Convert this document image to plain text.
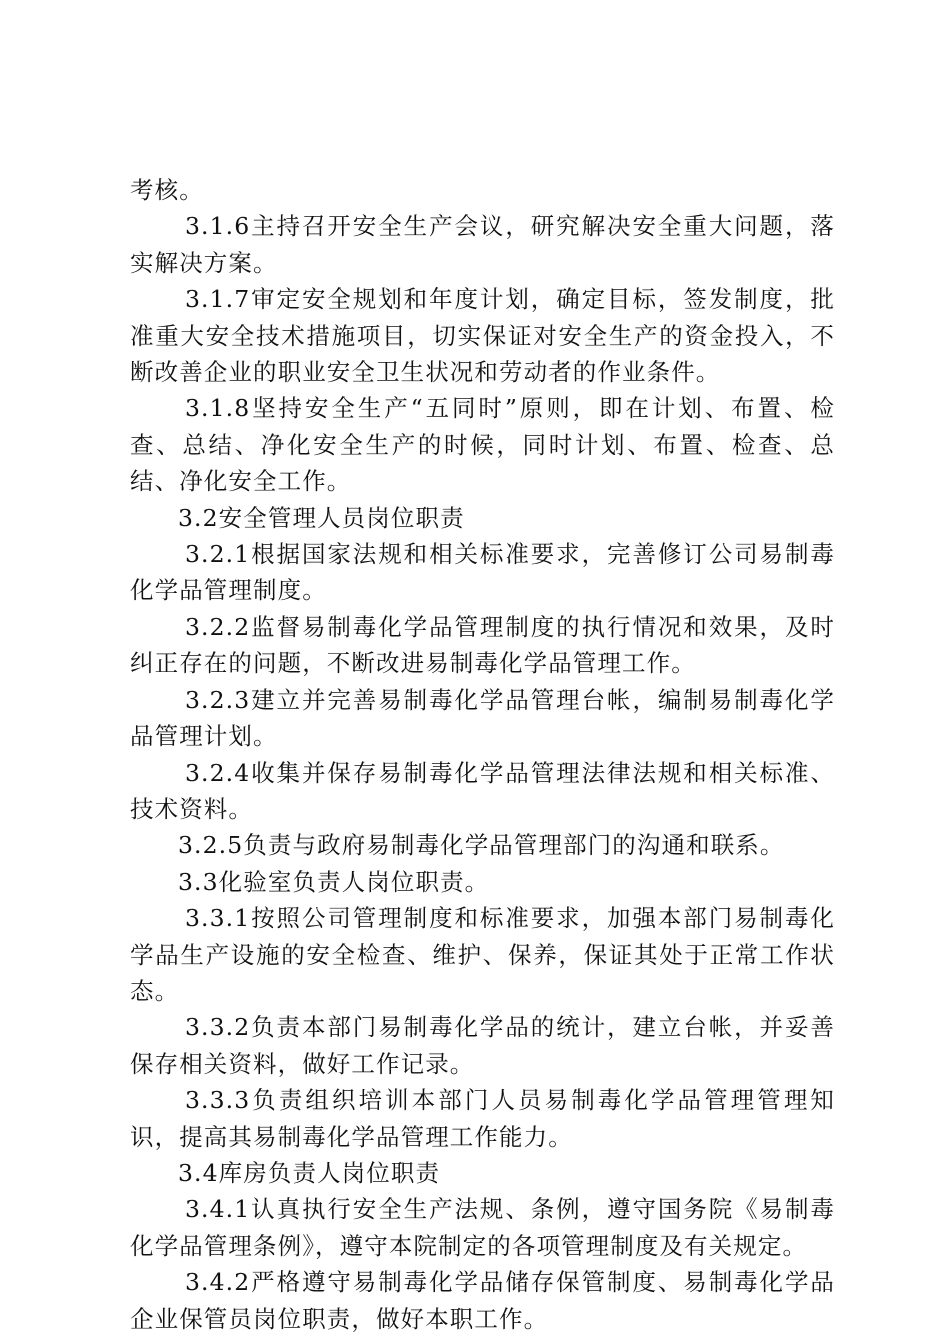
考核。

3.1.6主持召开安全生产会议，研究解决安全重大问题，落实解决方案。

3.1.7审定安全规划和年度计划，确定目标，签发制度，批准重大安全技术措施项目，切实保证对安全生产的资金投入，不断改善企业的职业安全卫生状况和劳动者的作业条件。

3.1.8坚持安全生产“五同时”原则，即在计划、布置、检查、总结、净化安全生产的时候，同时计划、布置、检查、总结、净化安全工作。

3.2安全管理人员岗位职责

3.2.1根据国家法规和相关标准要求，完善修订公司易制毒化学品管理制度。

3.2.2监督易制毒化学品管理制度的执行情况和效果，及时纠正存在的问题，不断改进易制毒化学品管理工作。

3.2.3建立并完善易制毒化学品管理台帐，编制易制毒化学品管理计划。

3.2.4收集并保存易制毒化学品管理法律法规和相关标准、技术资料。

3.2.5负责与政府易制毒化学品管理部门的沟通和联系。

3.3化验室负责人岗位职责。

3.3.1按照公司管理制度和标准要求，加强本部门易制毒化学品生产设施的安全检查、维护、保养，保证其处于正常工作状态。

3.3.2负责本部门易制毒化学品的统计，建立台帐，并妥善保存相关资料，做好工作记录。

3.3.3负责组织培训本部门人员易制毒化学品管理管理知识，提高其易制毒化学品管理工作能力。

3.4库房负责人岗位职责

3.4.1认真执行安全生产法规、条例，遵守国务院《易制毒化学品管理条例》，遵守本院制定的各项管理制度及有关规定。

3.4.2严格遵守易制毒化学品储存保管制度、易制毒化学品企业保管员岗位职责，做好本职工作。
